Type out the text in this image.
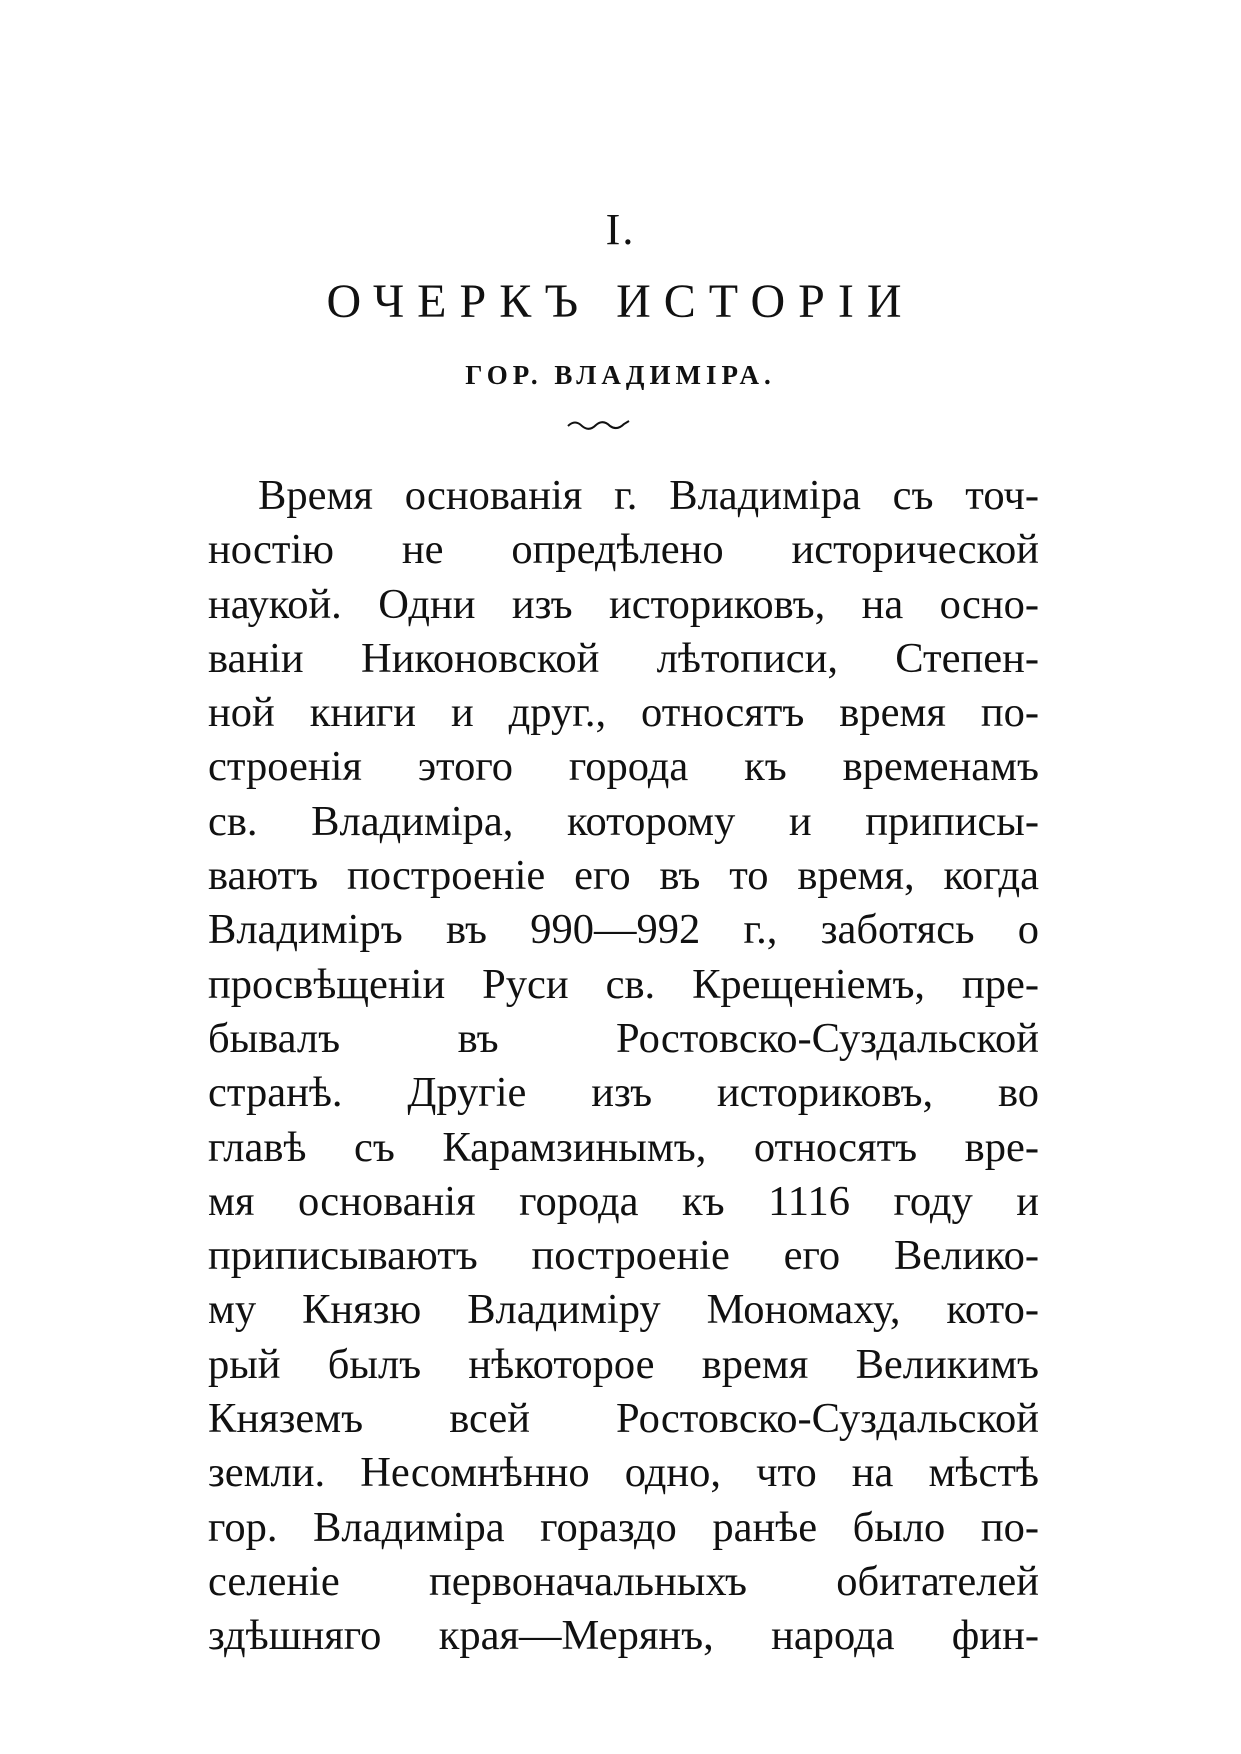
I.
ОЧЕРКЪ ИСТОРІИ
ГОР. ВЛАДИМІРА.
Время основанія г. Владиміра съ точ-
ностію не опредѣлено исторической
наукой. Одни изъ историковъ, на осно-
ваніи Никоновской лѣтописи, Степен-
ной книги и друг., относятъ время по-
строенія этого города къ временамъ
св. Владиміра, которому и приписы-
ваютъ построеніе его въ то время, когда
Владиміръ въ 990—992 г., заботясь о
просвѣщеніи Руси св. Крещеніемъ, пре-
бывалъ въ Ростовско-Суздальской
странѣ. Другіе изъ историковъ, во
главѣ съ Карамзинымъ, относятъ вре-
мя основанія города къ 1116 году и
приписываютъ построеніе его Велико-
му Князю Владиміру Мономаху, кото-
рый былъ нѣкоторое время Великимъ
Княземъ всей Ростовско-Суздальской
земли. Несомнѣнно одно, что на мѣстѣ
гор. Владиміра гораздо ранѣе было по-
селеніе первоначальныхъ обитателей
здѣшняго края—Мерянъ, народа фин-
